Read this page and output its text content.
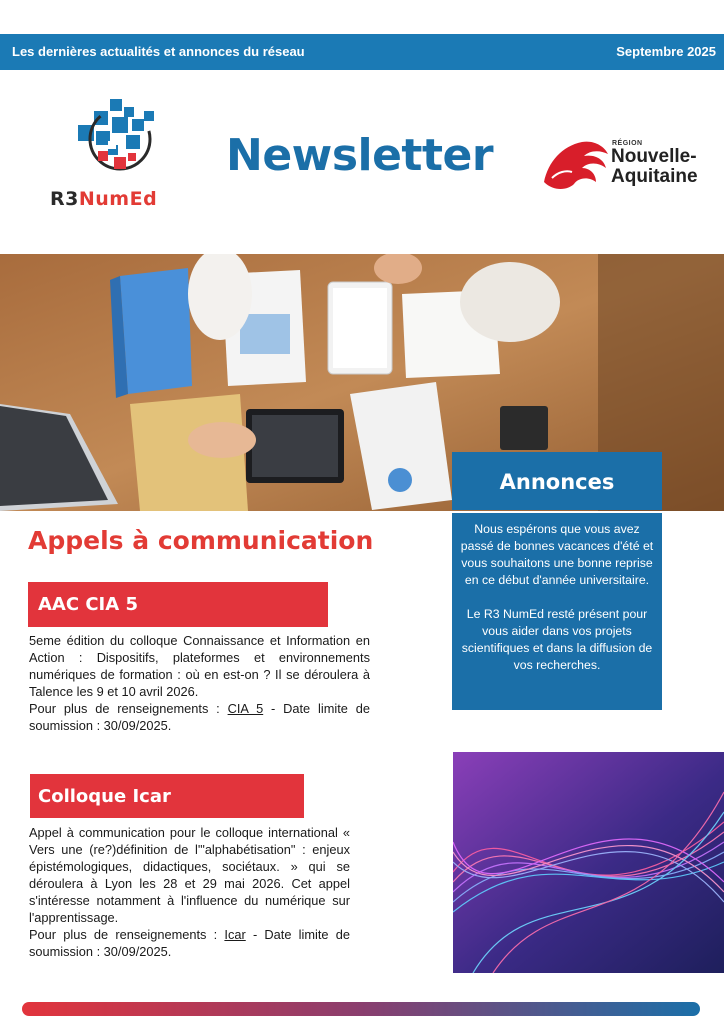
Les dernières actualités et annonces du réseau	Septembre 2025
R3NumEd
Newsletter	RÉGION
Nouvelle-
Aquitaine
Annonces

Nous espérons que vous avez passé de bonnes vacances d'été et vous souhaitons une bonne reprise en ce début d'année universitaire.

Le R3 NumEd resté présent pour vous aider dans vos projets scientifiques et dans la diffusion de vos recherches.

Appels à communication
AAC CIA 5

5eme édition du colloque Connaissance et Information en Action : Dispositifs, plateformes et environnements numériques de formation : où en est-on ? Il se déroulera à Talence les 9 et 10 avril 2026.

Pour plus de renseignements : CIA 5 - Date limite de soumission : 30/09/2025.

Colloque Icar

Appel à communication pour le colloque international « Vers une (re?)définition de l'"alphabétisation" : enjeux épistémologiques, didactiques, sociétaux. » qui se déroulera à Lyon les 28 et 29 mai 2026. Cet appel s'intéresse notamment à l'influence du numérique sur l'apprentissage.

Pour plus de renseignements : Icar - Date limite de soumission : 30/09/2025.
